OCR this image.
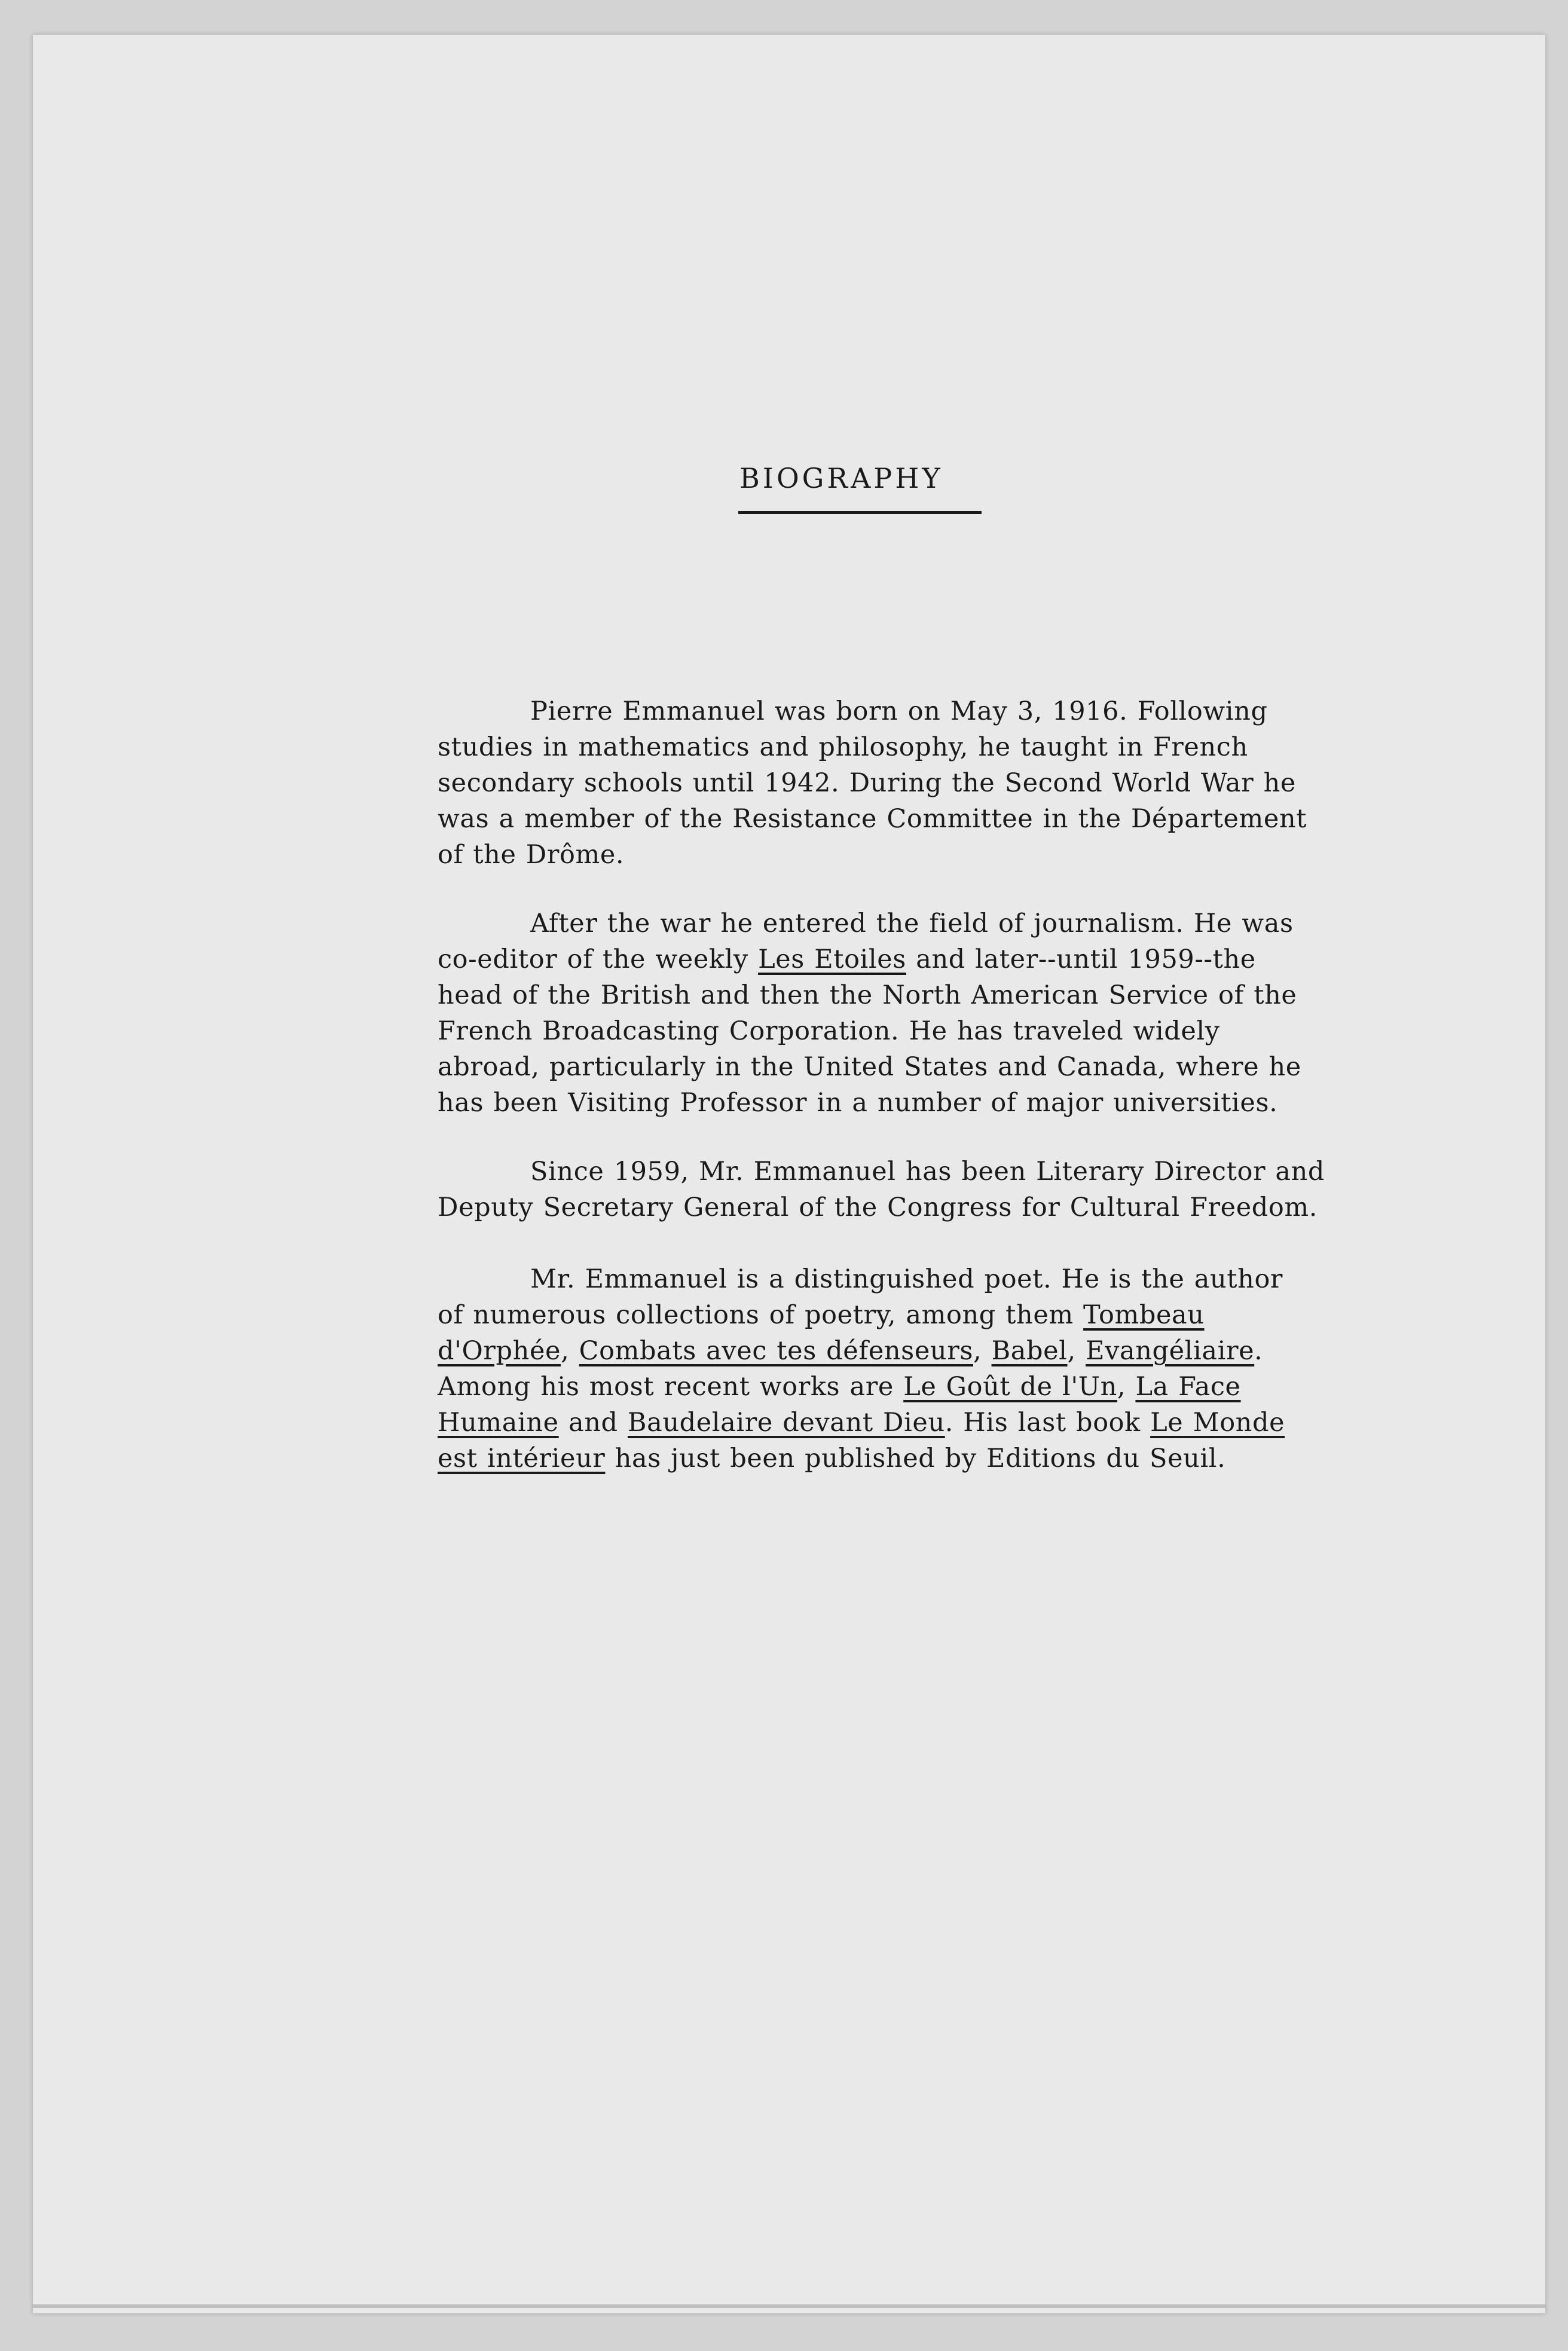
BIOGRAPHY
Pierre Emmanuel was born on May 3, 1916. Following
studies in mathematics and philosophy, he taught in French
secondary schools until 1942. During the Second World War he
was a member of the Resistance Committee in the Département
of the Drôme.
After the war he entered the field of journalism. He was
co-editor of the weekly Les Etoiles and later--until 1959--the
head of the British and then the North American Service of the
French Broadcasting Corporation. He has traveled widely
abroad, particularly in the United States and Canada, where he
has been Visiting Professor in a number of major universities.
Since 1959, Mr. Emmanuel has been Literary Director and
Deputy Secretary General of the Congress for Cultural Freedom.
Mr. Emmanuel is a distinguished poet. He is the author
of numerous collections of poetry, among them Tombeau
d'Orphée, Combats avec tes défenseurs, Babel, Evangéliaire.
Among his most recent works are Le Goût de l'Un, La Face
Humaine and Baudelaire devant Dieu. His last book Le Monde
est intérieur has just been published by Editions du Seuil.
